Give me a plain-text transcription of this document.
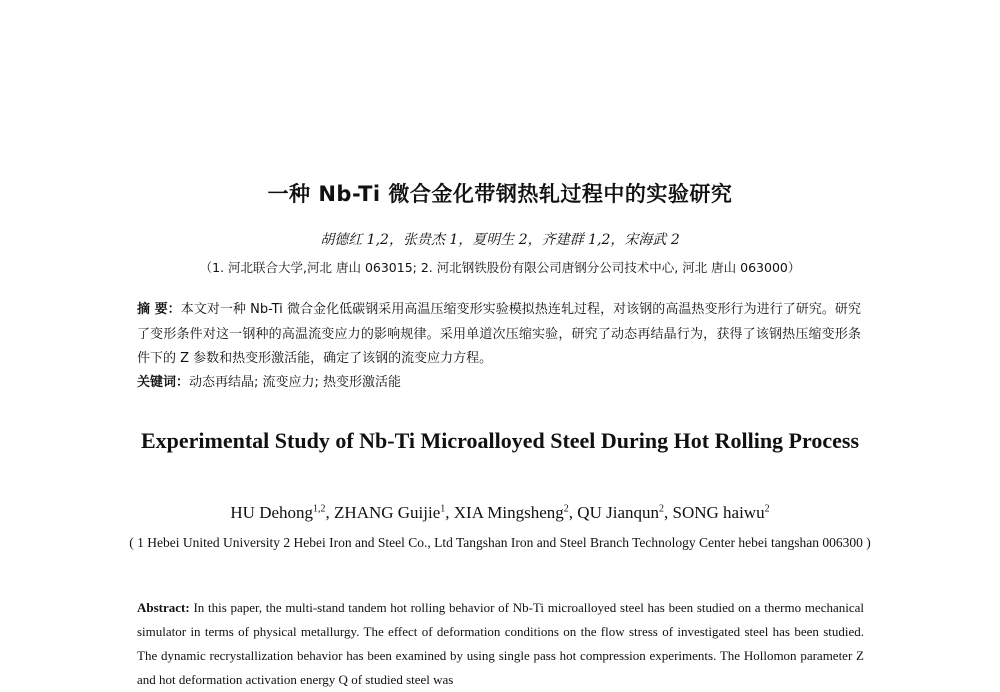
一种 Nb-Ti 微合金化带钢热轧过程中的实验研究
胡德红 1,2，张贵杰 1，夏明生 2，齐建群 1,2，宋海武 2
（1. 河北联合大学,河北 唐山 063015; 2. 河北钢铁股份有限公司唐钢分公司技术中心, 河北 唐山 063000）
摘 要：本文对一种 Nb-Ti 微合金化低碳钢采用高温压缩变形实验模拟热连轧过程，对该钢的高温热变形行为进行了研究。研究了变形条件对这一钢种的高温流变应力的影响规律。采用单道次压缩实验，研究了动态再结晶行为，获得了该钢热压缩变形条件下的 Z 参数和热变形激活能，确定了该钢的流变应力方程。
关键词：动态再结晶; 流变应力; 热变形激活能
Experimental Study of Nb-Ti Microalloyed Steel During Hot Rolling Process
HU Dehong$^{1,2}$, ZHANG Guijie$^1$, XIA Mingsheng$^2$, QU Jianqun$^2$, SONG haiwu$^2$
( 1 Hebei United University 2 Hebei Iron and Steel Co., Ltd Tangshan Iron and Steel Branch Technology Center hebei tangshan 006300 )
Abstract: In this paper, the multi-stand tandem hot rolling behavior of Nb-Ti microalloyed steel has been studied on a thermo mechanical simulator in terms of physical metallurgy. The effect of deformation conditions on the flow stress of investigated steel has been studied. The dynamic recrystallization behavior has been examined by using single pass hot compression experiments. The Hollomon parameter Z and hot deformation activation energy Q of studied steel was
